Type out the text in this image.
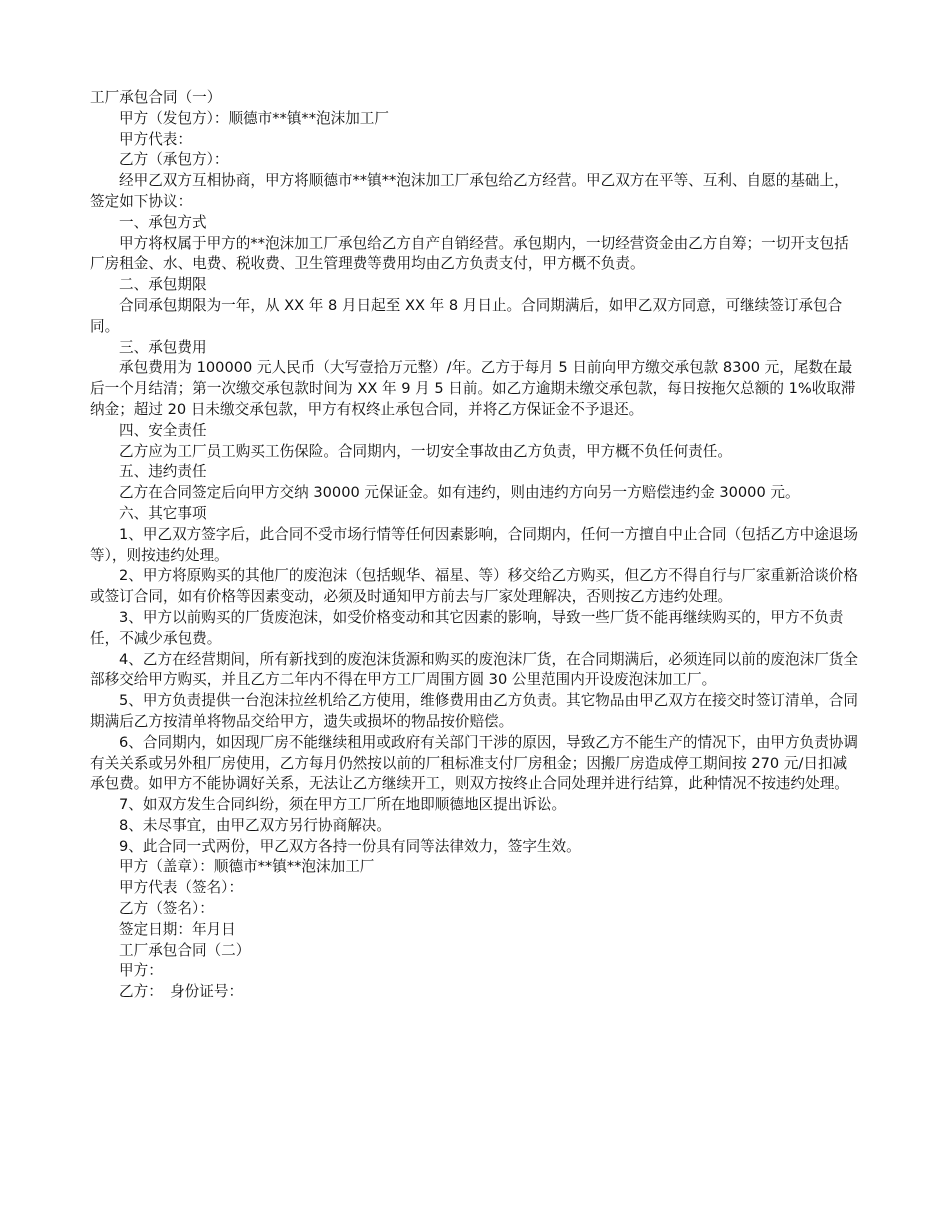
工厂承包合同（一）

甲方（发包方）：顺德市**镇**泡沫加工厂

甲方代表：

乙方（承包方）：

经甲乙双方互相协商，甲方将顺德市**镇**泡沫加工厂承包给乙方经营。甲乙双方在平等、互利、自愿的基础上，签定如下协议：

一、承包方式

甲方将权属于甲方的**泡沫加工厂承包给乙方自产自销经营。承包期内，一切经营资金由乙方自筹；一切开支包括厂房租金、水、电费、税收费、卫生管理费等费用均由乙方负责支付，甲方概不负责。

二、承包期限

合同承包期限为一年，从 XX 年 8 月日起至 XX 年 8 月日止。合同期满后，如甲乙双方同意，可继续签订承包合同。

三、承包费用

承包费用为 100000 元人民币（大写壹拾万元整）/年。乙方于每月 5 日前向甲方缴交承包款 8300 元，尾数在最后一个月结清；第一次缴交承包款时间为 XX 年 9 月 5 日前。如乙方逾期未缴交承包款，每日按拖欠总额的 1%收取滞纳金；超过 20 日未缴交承包款，甲方有权终止承包合同，并将乙方保证金不予退还。

四、安全责任

乙方应为工厂员工购买工伤保险。合同期内，一切安全事故由乙方负责，甲方概不负任何责任。

五、违约责任

乙方在合同签定后向甲方交纳 30000 元保证金。如有违约，则由违约方向另一方赔偿违约金 30000 元。

六、其它事项

1、甲乙双方签字后，此合同不受市场行情等任何因素影响，合同期内，任何一方擅自中止合同（包括乙方中途退场等），则按违约处理。

2、甲方将原购买的其他厂的废泡沫（包括蚬华、福星、等）移交给乙方购买，但乙方不得自行与厂家重新洽谈价格或签订合同，如有价格等因素变动，必须及时通知甲方前去与厂家处理解决，否则按乙方违约处理。

3、甲方以前购买的厂货废泡沫，如受价格变动和其它因素的影响，导致一些厂货不能再继续购买的，甲方不负责任，不减少承包费。

4、乙方在经营期间，所有新找到的废泡沫货源和购买的废泡沫厂货，在合同期满后，必须连同以前的废泡沫厂货全部移交给甲方购买，并且乙方二年内不得在甲方工厂周围方圆 30 公里范围内开设废泡沫加工厂。

5、甲方负责提供一台泡沫拉丝机给乙方使用，维修费用由乙方负责。其它物品由甲乙双方在接交时签订清单，合同期满后乙方按清单将物品交给甲方，遗失或损坏的物品按价赔偿。

6、合同期内，如因现厂房不能继续租用或政府有关部门干涉的原因，导致乙方不能生产的情况下，由甲方负责协调有关关系或另外租厂房使用，乙方每月仍然按以前的厂租标准支付厂房租金；因搬厂房造成停工期间按 270 元/日扣减承包费。如甲方不能协调好关系，无法让乙方继续开工，则双方按终止合同处理并进行结算，此种情况不按违约处理。

7、如双方发生合同纠纷，须在甲方工厂所在地即顺德地区提出诉讼。

8、未尽事宜，由甲乙双方另行协商解决。

9、此合同一式两份，甲乙双方各持一份具有同等法律效力，签字生效。

甲方（盖章）：顺德市**镇**泡沫加工厂

甲方代表（签名）：

乙方（签名）：

签定日期：年月日

工厂承包合同（二）

甲方：

乙方：　身份证号：
